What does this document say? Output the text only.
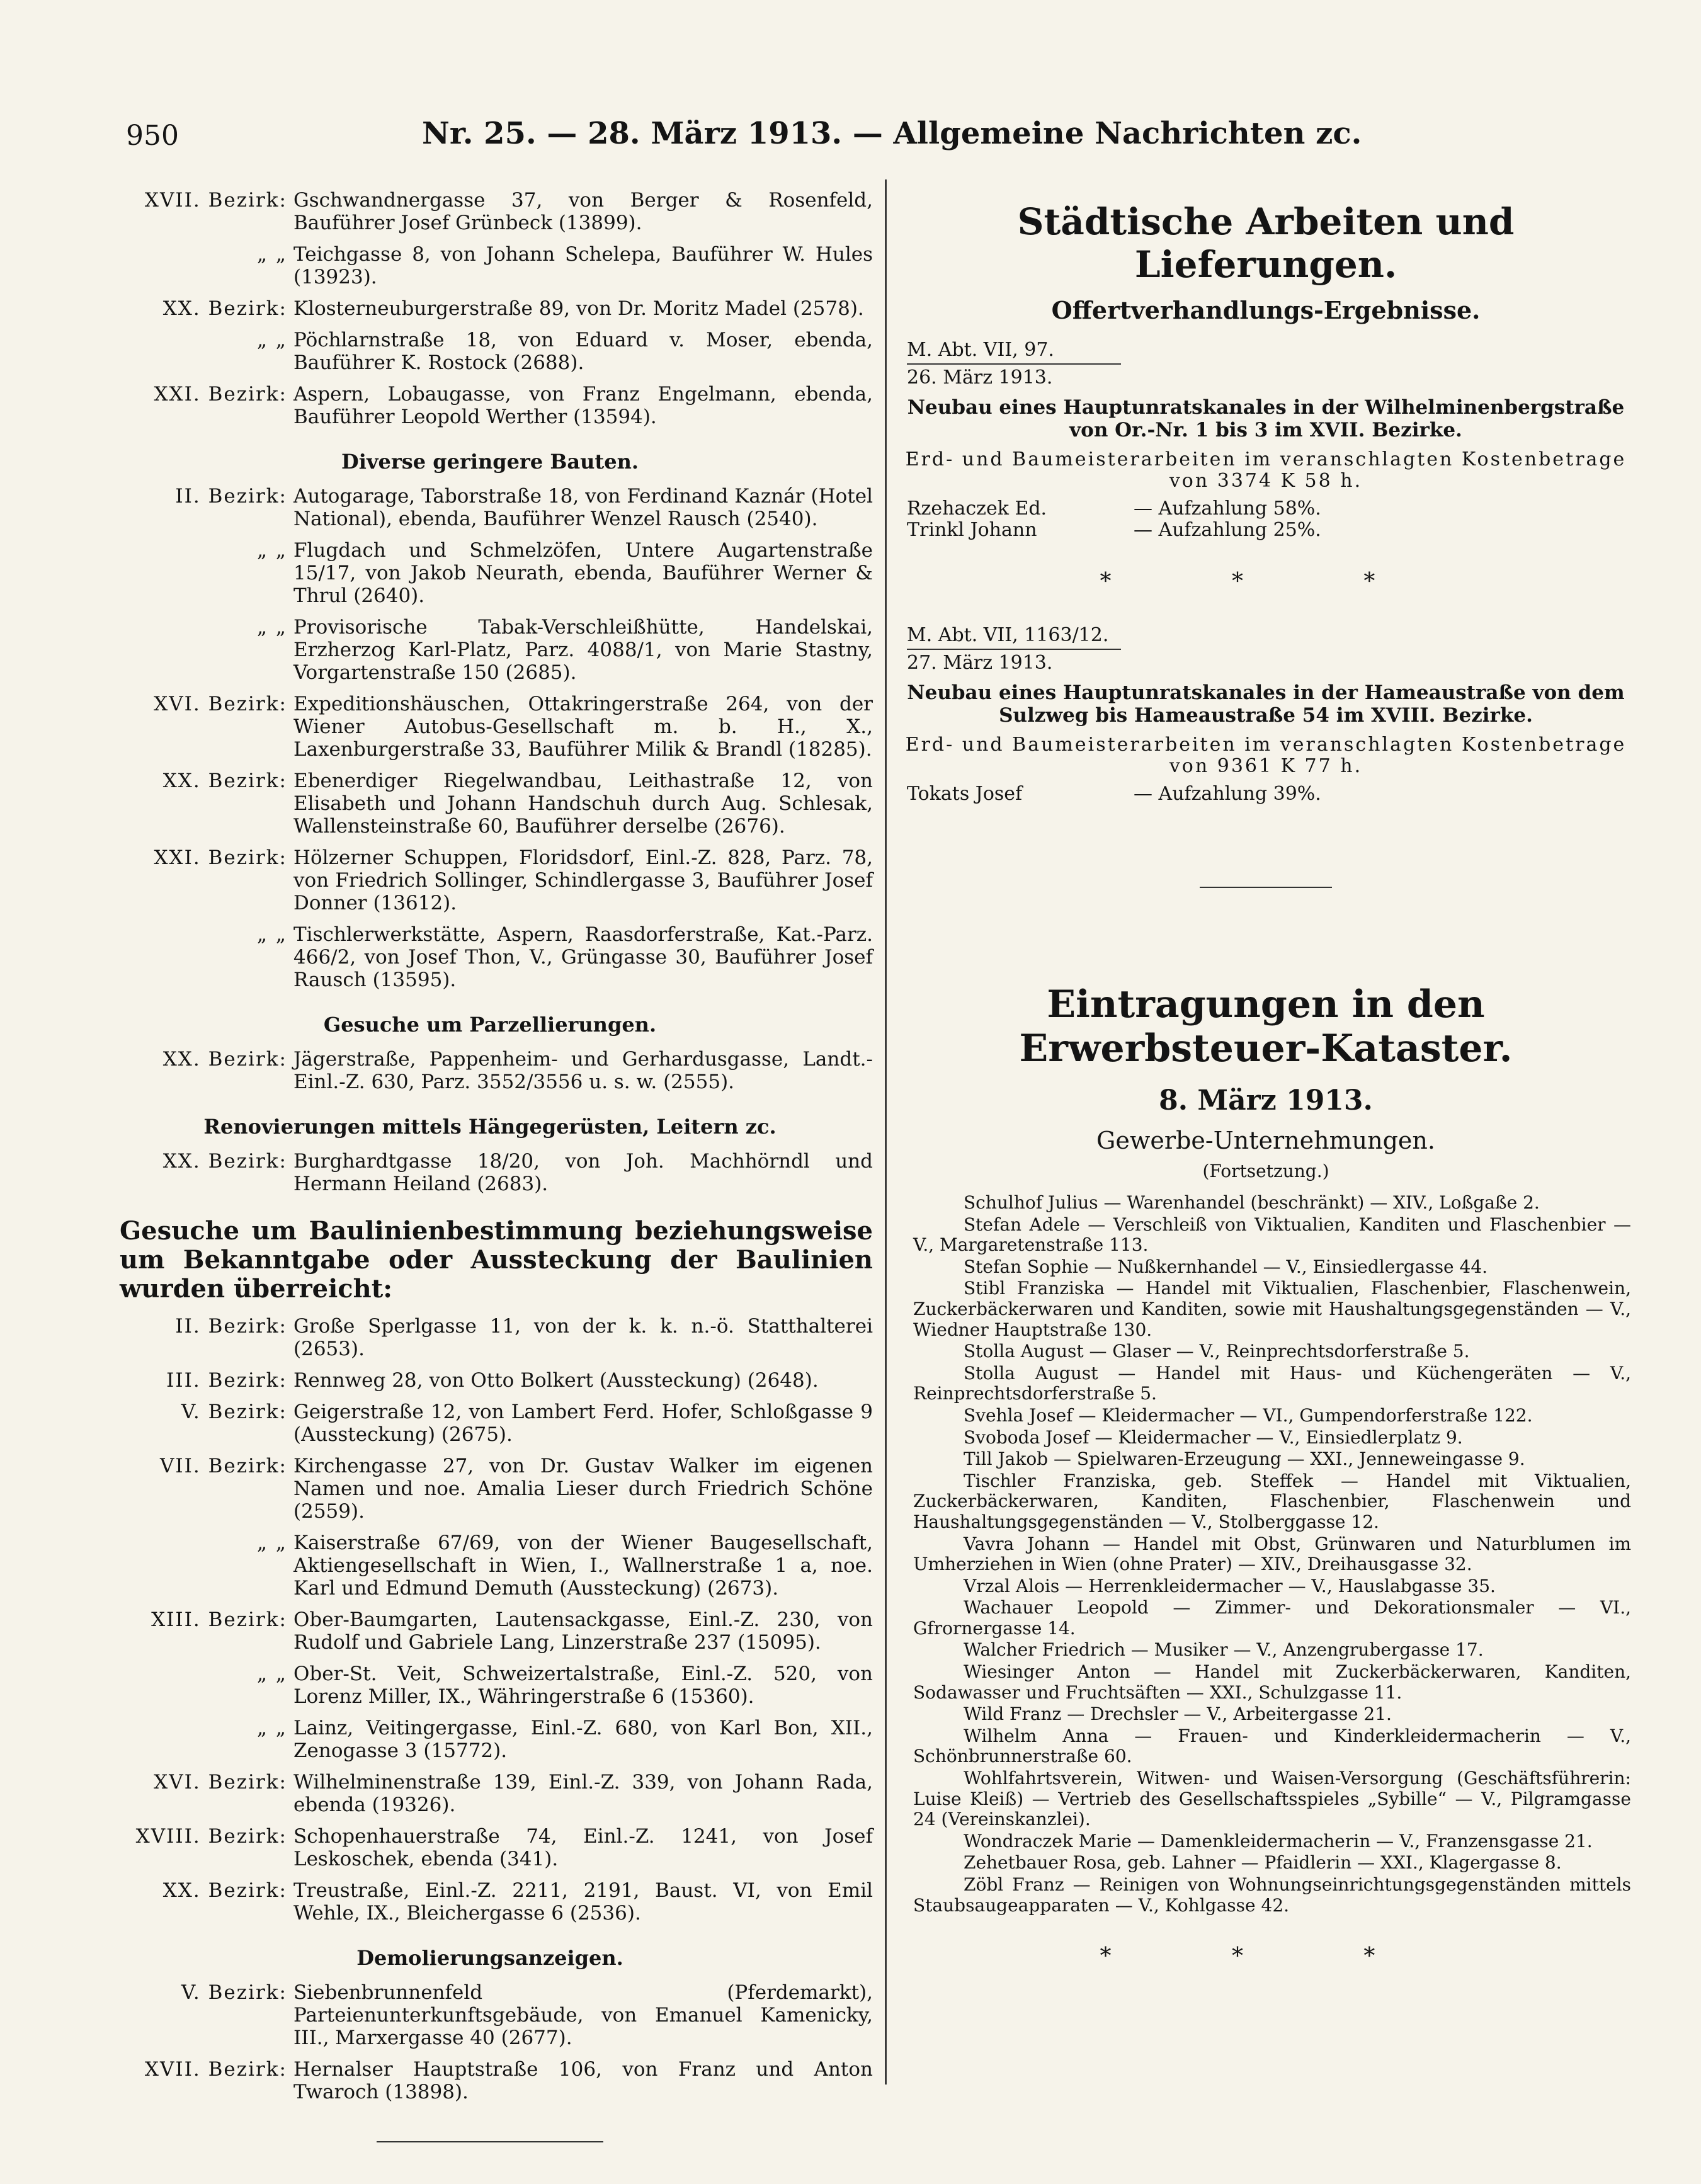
950	Nr. 25. — 28. März 1913. — Allgemeine Nachrichten zc.
XVII. Bezirk: Gschwandnergasse 37, von Berger & Rosenfeld, Bauführer Josef Grünbeck (13899).
„ „ Teichgasse 8, von Johann Schelepa, Bauführer W. Hules (13923).
XX. Bezirk: Klosterneuburgerstraße 89, von Dr. Moritz Madel (2578).
„ „ Pöchlarnstraße 18, von Eduard v. Moser, ebenda, Bauführer K. Rostock (2688).
XXI. Bezirk: Aspern, Lobaugasse, von Franz Engelmann, ebenda, Bauführer Leopold Werther (13594).
Diverse geringere Bauten.
II. Bezirk: Autogarage, Taborstraße 18, von Ferdinand Kaznár (Hotel National), ebenda, Bauführer Wenzel Rausch (2540).
„ „ Flugdach und Schmelzöfen, Untere Augartenstraße 15/17, von Jakob Neurath, ebenda, Bauführer Werner & Thrul (2640).
„ „ Provisorische Tabak-Verschleißhütte, Handelskai, Erzherzog Karl-Platz, Parz. 4088/1, von Marie Stastny, Vorgartenstraße 150 (2685).
XVI. Bezirk: Expeditionshäuschen, Ottakringerstraße 264, von der Wiener Autobus-Gesellschaft m. b. H., X., Laxenburgerstraße 33, Bauführer Milik & Brandl (18285).
XX. Bezirk: Ebenerdiger Riegelwandbau, Leithastraße 12, von Elisabeth und Johann Handschuh durch Aug. Schlesak, Wallensteinstraße 60, Bauführer derselbe (2676).
XXI. Bezirk: Hölzerner Schuppen, Floridsdorf, Einl.-Z. 828, Parz. 78, von Friedrich Sollinger, Schindlergasse 3, Bauführer Josef Donner (13612).
„ „ Tischlerwerkstätte, Aspern, Raasdorferstraße, Kat.-Parz. 466/2, von Josef Thon, V., Grüngasse 30, Bauführer Josef Rausch (13595).
Gesuche um Parzellierungen.
XX. Bezirk: Jägerstraße, Pappenheim- und Gerhardusgasse, Landt.-Einl.-Z. 630, Parz. 3552/3556 u. s. w. (2555).
Renovierungen mittels Hängegerüsten, Leitern zc.
XX. Bezirk: Burghardtgasse 18/20, von Joh. Machhörndl und Hermann Heiland (2683).
Gesuche um Baulinienbestimmung beziehungsweise um Bekanntgabe oder Aussteckung der Baulinien wurden überreicht:
II. Bezirk: Große Sperlgasse 11, von der k. k. n.-ö. Statthalterei (2653).
III. Bezirk: Rennweg 28, von Otto Bolkert (Aussteckung) (2648).
V. Bezirk: Geigerstraße 12, von Lambert Ferd. Hofer, Schloßgasse 9 (Aussteckung) (2675).
VII. Bezirk: Kirchengasse 27, von Dr. Gustav Walker im eigenen Namen und noe. Amalia Lieser durch Friedrich Schöne (2559).
„ „ Kaiserstraße 67/69, von der Wiener Baugesellschaft, Aktiengesellschaft in Wien, I., Wallnerstraße 1 a, noe. Karl und Edmund Demuth (Aussteckung) (2673).
XIII. Bezirk: Ober-Baumgarten, Lautensackgasse, Einl.-Z. 230, von Rudolf und Gabriele Lang, Linzerstraße 237 (15095).
„ „ Ober-St. Veit, Schweizertalstraße, Einl.-Z. 520, von Lorenz Miller, IX., Währingerstraße 6 (15360).
„ „ Lainz, Veitingergasse, Einl.-Z. 680, von Karl Bon, XII., Zenogasse 3 (15772).
XVI. Bezirk: Wilhelminenstraße 139, Einl.-Z. 339, von Johann Rada, ebenda (19326).
XVIII. Bezirk: Schopenhauerstraße 74, Einl.-Z. 1241, von Josef Leskoschek, ebenda (341).
XX. Bezirk: Treustraße, Einl.-Z. 2211, 2191, Baust. VI, von Emil Wehle, IX., Bleichergasse 6 (2536).
Demolierungsanzeigen.
V. Bezirk: Siebenbrunnenfeld (Pferdemarkt), Parteienunterkunftsgebäude, von Emanuel Kamenicky, III., Marxergasse 40 (2677).
XVII. Bezirk: Hernalser Hauptstraße 106, von Franz und Anton Twaroch (13898).
Städtische Arbeiten und Lieferungen.
Offertverhandlungs-Ergebnisse.
M. Abt. VII, 97.
26. März 1913.
Neubau eines Hauptunratskanales in der Wilhelminenbergstraße von Or.-Nr. 1 bis 3 im XVII. Bezirke.
Erd- und Baumeisterarbeiten im veranschlagten Kostenbetrage von 3374 K 58 h.
Rzehaczek Ed.	— Aufzahlung 58%.
Trinkl Johann	— Aufzahlung 25%.
* * *
M. Abt. VII, 1163/12.
27. März 1913.
Neubau eines Hauptunratskanales in der Hameaustraße von dem Sulzweg bis Hameaustraße 54 im XVIII. Bezirke.
Erd- und Baumeisterarbeiten im veranschlagten Kostenbetrage von 9361 K 77 h.
Tokats Josef	— Aufzahlung 39%.
Eintragungen in den Erwerbsteuer-Kataster.
8. März 1913.
Gewerbe-Unternehmungen.
(Fortsetzung.)
Schulhof Julius — Warenhandel (beschränkt) — XIV., Loßgaße 2.
Stefan Adele — Verschleiß von Viktualien, Kanditen und Flaschenbier — V., Margaretenstraße 113.
Stefan Sophie — Nußkernhandel — V., Einsiedlergasse 44.
Stibl Franziska — Handel mit Viktualien, Flaschenbier, Flaschenwein, Zuckerbäckerwaren und Kanditen, sowie mit Haushaltungsgegenständen — V., Wiedner Hauptstraße 130.
Stolla August — Glaser — V., Reinprechtsdorferstraße 5.
Stolla August — Handel mit Haus- und Küchengeräten — V., Reinprechtsdorferstraße 5.
Svehla Josef — Kleidermacher — VI., Gumpendorferstraße 122.
Svoboda Josef — Kleidermacher — V., Einsiedlerplatz 9.
Till Jakob — Spielwaren-Erzeugung — XXI., Jenneweingasse 9.
Tischler Franziska, geb. Steffek — Handel mit Viktualien, Zuckerbäckerwaren, Kanditen, Flaschenbier, Flaschenwein und Haushaltungsgegenständen — V., Stolberggasse 12.
Vavra Johann — Handel mit Obst, Grünwaren und Naturblumen im Umherziehen in Wien (ohne Prater) — XIV., Dreihausgasse 32.
Vrzal Alois — Herrenkleidermacher — V., Hauslabgasse 35.
Wachauer Leopold — Zimmer- und Dekorationsmaler — VI., Gfrornergasse 14.
Walcher Friedrich — Musiker — V., Anzengrubergasse 17.
Wiesinger Anton — Handel mit Zuckerbäckerwaren, Kanditen, Sodawasser und Fruchtsäften — XXI., Schulzgasse 11.
Wild Franz — Drechsler — V., Arbeitergasse 21.
Wilhelm Anna — Frauen- und Kinderkleidermacherin — V., Schönbrunnerstraße 60.
Wohlfahrtsverein, Witwen- und Waisen-Versorgung (Geschäftsführerin: Luise Kleiß) — Vertrieb des Gesellschaftsspieles „Sybille“ — V., Pilgramgasse 24 (Vereinskanzlei).
Wondraczek Marie — Damenkleidermacherin — V., Franzensgasse 21.
Zehetbauer Rosa, geb. Lahner — Pfaidlerin — XXI., Klagergasse 8.
Zöbl Franz — Reinigen von Wohnungseinrichtungsgegenständen mittels Staubsaugeapparaten — V., Kohlgasse 42.
* * *
